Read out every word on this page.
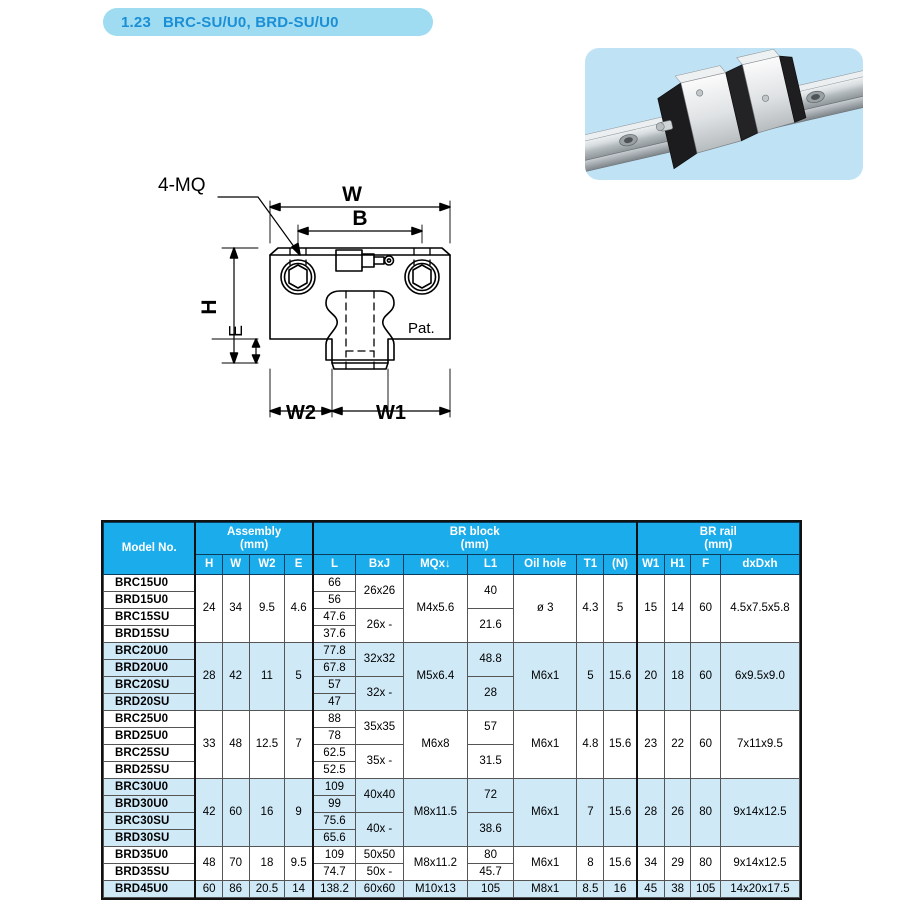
1.23 BRC-SU/U0, BRD-SU/U0
4-MQ	W
B
H
E
W2	W1
Pat.
Model No.	
Assembly
(mm)

BR block
(mm)

BR rail
(mm)

	H	W	W2	E	L	BxJ	MQx↓	L1	Oil hole	T1	(N)	W1	H1	F	dxDxh
BRC15U0	24	34	9.5	4.6	66	26x26	M4x5.6	40	ø 3	4.3	5	15	14	60	4.5x7.5x5.8
BRD15U0					56										
BRC15SU					47.6	26x -		21.6							
BRD15SU					37.6										
BRC20U0	28	42	11	5	77.8	32x32	M5x6.4	48.8	M6x1	5	15.6	20	18	60	6x9.5x9.0
BRD20U0					67.8										
BRC20SU					57	32x -		28							
BRD20SU					47										
BRC25U0	33	48	12.5	7	88	35x35	M6x8	57	M6x1	4.8	15.6	23	22	60	7x11x9.5
BRD25U0					78										
BRC25SU					62.5	35x -		31.5							
BRD25SU					52.5										
BRC30U0	42	60	16	9	109	40x40	M8x11.5	72	M6x1	7	15.6	28	26	80	9x14x12.5
BRD30U0					99										
BRC30SU					75.6	40x -		38.6							
BRD30SU					65.6										
BRD35U0	48	70	18	9.5	109	50x50	M8x11.2	80	M6x1	8	15.6	34	29	80	9x14x12.5
BRD35SU					74.7	50x -		45.7							
BRD45U0	60	86	20.5	14	138.2	60x60	M10x13	105	M8x1	8.5	16	45	38	105	14x20x17.5
